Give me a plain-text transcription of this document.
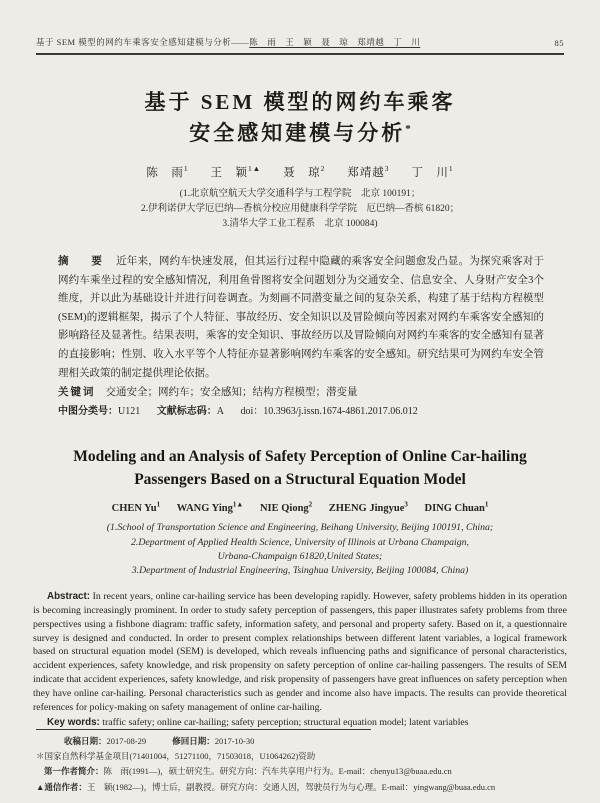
基于 SEM 模型的网约车乘客安全感知建模与分析——陈　雨　王　颖　聂　琼　郑靖越　丁　川	85
基于 SEM 模型的网约车乘客
安全感知建模与分析*
陈　雨$^1$ 王　颖$^{1▲}$ 聂　琼$^2$ 郑靖越$^3$ 丁　川$^1$
(1.北京航空航天大学交通科学与工程学院　北京 100191；
2.伊利诺伊大学厄巴纳—香槟分校应用健康科学学院　厄巴纳—香槟 61820；
3.清华大学工业工程系　北京 100084)
摘　要 近年来，网约车快速发展，但其运行过程中隐藏的乘客安全问题愈发凸显。为探究乘客对于网约车乘坐过程的安全感知情况，利用鱼骨图将安全问题划分为交通安全、信息安全、人身财产安全3个维度，并以此为基础设计并进行问卷调查。为刻画不同潜变量之间的复杂关系，构建了基于结构方程模型(SEM)的逻辑框架，揭示了个人特征、事故经历、安全知识以及冒险倾向等因素对网约车乘客安全感知的影响路径及显著性。结果表明，乘客的安全知识、事故经历以及冒险倾向对网约车乘客的安全感知有显著的直接影响；性别、收入水平等个人特征亦显著影响网约车乘客的安全感知。研究结果可为网约车安全管理相关政策的制定提供理论依据。
关键词 交通安全；网约车；安全感知；结构方程模型；潜变量
中图分类号：U121 文献标志码：A doi：10.3963/j.issn.1674-4861.2017.06.012
Modeling and an Analysis of Safety Perception of Online Car-hailing
Passengers Based on a Structural Equation Model
CHEN Yu$^1$ WANG Ying$^{1▲}$ NIE Qiong$^2$ ZHENG Jingyue$^3$ DING Chuan$^1$
(1.School of Transportation Science and Engineering, Beihang University, Beijing 100191, China;
2.Department of Applied Health Science, University of Illinois at Urbana Champaign,
Urbana-Champaign 61820,United States;
3.Department of Industrial Engineering, Tsinghua University, Beijing 100084, China)
Abstract: In recent years, online car-hailing service has been developing rapidly. However, safety problems hidden in its operation is becoming increasingly prominent. In order to study safety perception of passengers, this paper illustrates safety problems from three perspectives using a fishbone diagram: traffic safety, information safety, and personal and property safety. Based on it, a questionnaire survey is designed and conducted. In order to present complex relationships between different latent variables, a logical framework based on structural equation model (SEM) is developed, which reveals influencing paths and significance of personal characteristics, accident experiences, safety knowledge, and risk propensity on safety perception of online car-hailing passengers. The results of SEM indicate that accident experiences, safety knowledge, and risk propensity of passengers have great influences on safety perception when they have online car-hailing. Personal characteristics such as gender and income also have impacts. The results can provide theoretical references for policy-making on safety management of online car-hailing.
Key words: traffic safety; online car-hailing; safety perception; structural equation model; latent variables
收稿日期：2017-08-29	修回日期：2017-10-30
＊国家自然科学基金项目(71401004，51271100，71503018，U1064262)资助
第一作者简介：陈　雨(1991—)，硕士研究生。研究方向：汽车共享用户行为。E-mail：chenyu13@buaa.edu.cn
▲通信作者：王　颖(1982—)，博士后，副教授。研究方向：交通人因，驾驶员行为与心理。E-mail：yingwang@buaa.edu.cn
